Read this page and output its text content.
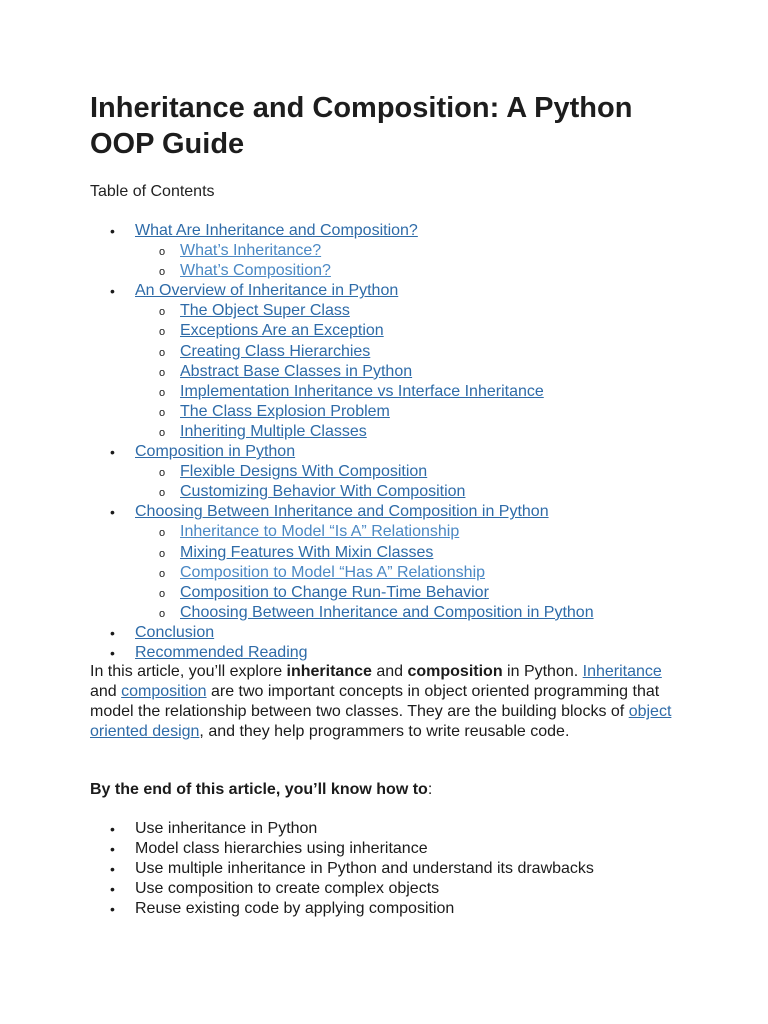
Inheritance and Composition: A Python OOP Guide

Table of Contents

• What Are Inheritance and Composition?
o What’s Inheritance?
o What’s Composition?
• An Overview of Inheritance in Python
o The Object Super Class
o Exceptions Are an Exception
o Creating Class Hierarchies
o Abstract Base Classes in Python
o Implementation Inheritance vs Interface Inheritance
o The Class Explosion Problem
o Inheriting Multiple Classes
• Composition in Python
o Flexible Designs With Composition
o Customizing Behavior With Composition
• Choosing Between Inheritance and Composition in Python
o Inheritance to Model “Is A” Relationship
o Mixing Features With Mixin Classes
o Composition to Model “Has A” Relationship
o Composition to Change Run-Time Behavior
o Choosing Between Inheritance and Composition in Python
• Conclusion
• Recommended Reading

In this article, you’ll explore inheritance and composition in Python. Inheritance and composition are two important concepts in object oriented programming that model the relationship between two classes. They are the building blocks of object oriented design, and they help programmers to write reusable code.

By the end of this article, you’ll know how to:

• Use inheritance in Python
• Model class hierarchies using inheritance
• Use multiple inheritance in Python and understand its drawbacks
• Use composition to create complex objects
• Reuse existing code by applying composition
